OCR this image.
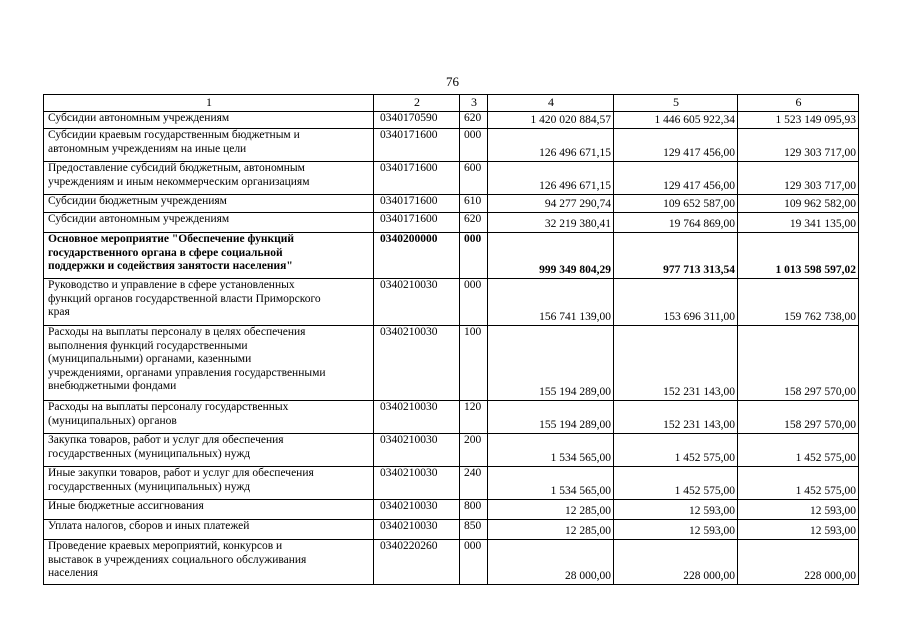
76
1	2	3	4	5	6

Субсидии автономным учреждениям	0340170590	620	1 420 020 884,57	1 446 605 922,34	1 523 149 095,93

Субсидии краевым государственным бюджетным и
автономным учреждениям на иные цели	0340171600	000	126 496 671,15	129 417 456,00	129 303 717,00

Предоставление субсидий бюджетным, автономным
учреждениям и иным некоммерческим организациям	0340171600	600	126 496 671,15	129 417 456,00	129 303 717,00

Субсидии бюджетным учреждениям	0340171600	610	94 277 290,74	109 652 587,00	109 962 582,00

Субсидии автономным учреждениям	0340171600	620	32 219 380,41	19 764 869,00	19 341 135,00

Основное мероприятие "Обеспечение функций
государственного органа в сфере социальной
поддержки и содействия занятости населения"	0340200000	000	999 349 804,29	977 713 313,54	1 013 598 597,02

Руководство и управление в сфере установленных
функций органов государственной власти Приморского
края	0340210030	000	156 741 139,00	153 696 311,00	159 762 738,00

Расходы на выплаты персоналу в целях обеспечения
выполнения функций государственными
(муниципальными) органами, казенными
учреждениями, органами управления государственными
внебюджетными фондами	0340210030	100	155 194 289,00	152 231 143,00	158 297 570,00

Расходы на выплаты персоналу государственных
(муниципальных) органов	0340210030	120	155 194 289,00	152 231 143,00	158 297 570,00

Закупка товаров, работ и услуг для обеспечения
государственных (муниципальных) нужд	0340210030	200	1 534 565,00	1 452 575,00	1 452 575,00

Иные закупки товаров, работ и услуг для обеспечения
государственных (муниципальных) нужд	0340210030	240	1 534 565,00	1 452 575,00	1 452 575,00

Иные бюджетные ассигнования	0340210030	800	12 285,00	12 593,00	12 593,00

Уплата налогов, сборов и иных платежей	0340210030	850	12 285,00	12 593,00	12 593,00

Проведение краевых мероприятий, конкурсов и
выставок в учреждениях социального обслуживания
населения	0340220260	000	28 000,00	228 000,00	228 000,00
